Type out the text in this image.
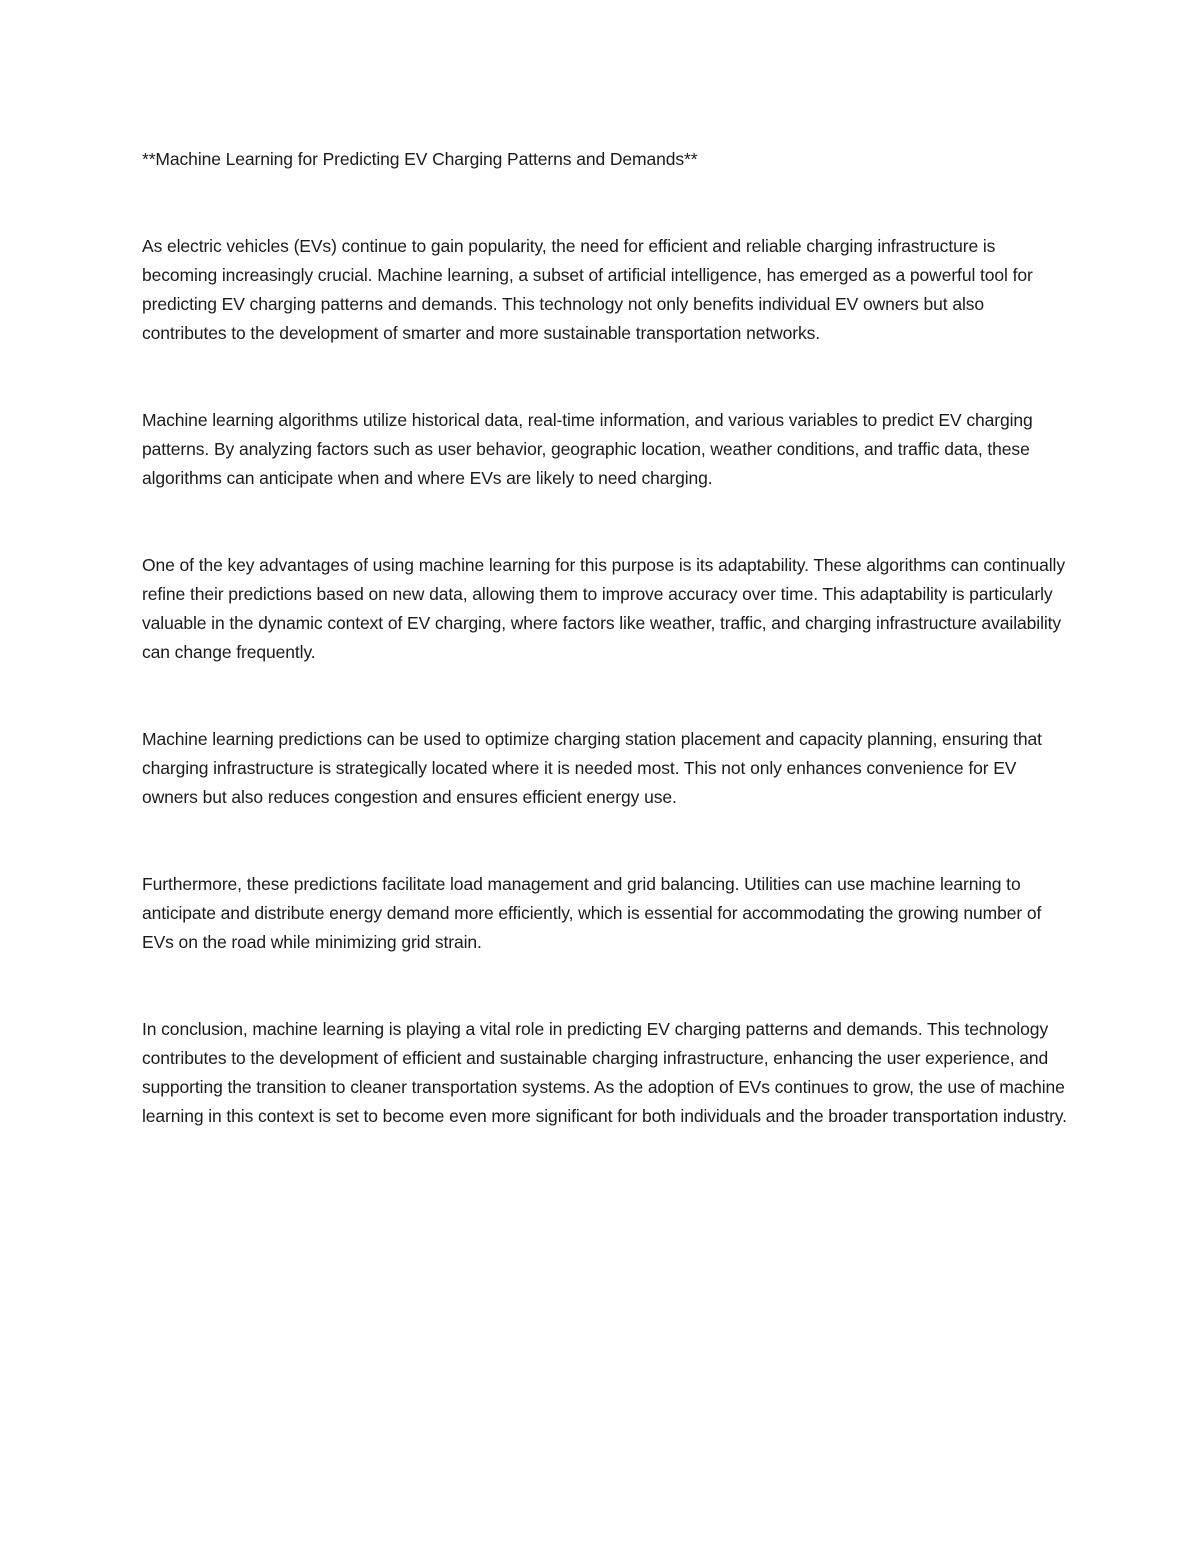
**Machine Learning for Predicting EV Charging Patterns and Demands**

As electric vehicles (EVs) continue to gain popularity, the need for efficient and reliable charging infrastructure is becoming increasingly crucial. Machine learning, a subset of artificial intelligence, has emerged as a powerful tool for predicting EV charging patterns and demands. This technology not only benefits individual EV owners but also contributes to the development of smarter and more sustainable transportation networks.

Machine learning algorithms utilize historical data, real-time information, and various variables to predict EV charging patterns. By analyzing factors such as user behavior, geographic location, weather conditions, and traffic data, these algorithms can anticipate when and where EVs are likely to need charging.

One of the key advantages of using machine learning for this purpose is its adaptability. These algorithms can continually refine their predictions based on new data, allowing them to improve accuracy over time. This adaptability is particularly valuable in the dynamic context of EV charging, where factors like weather, traffic, and charging infrastructure availability can change frequently.

Machine learning predictions can be used to optimize charging station placement and capacity planning, ensuring that charging infrastructure is strategically located where it is needed most. This not only enhances convenience for EV owners but also reduces congestion and ensures efficient energy use.

Furthermore, these predictions facilitate load management and grid balancing. Utilities can use machine learning to anticipate and distribute energy demand more efficiently, which is essential for accommodating the growing number of EVs on the road while minimizing grid strain.

In conclusion, machine learning is playing a vital role in predicting EV charging patterns and demands. This technology contributes to the development of efficient and sustainable charging infrastructure, enhancing the user experience, and supporting the transition to cleaner transportation systems. As the adoption of EVs continues to grow, the use of machine learning in this context is set to become even more significant for both individuals and the broader transportation industry.
